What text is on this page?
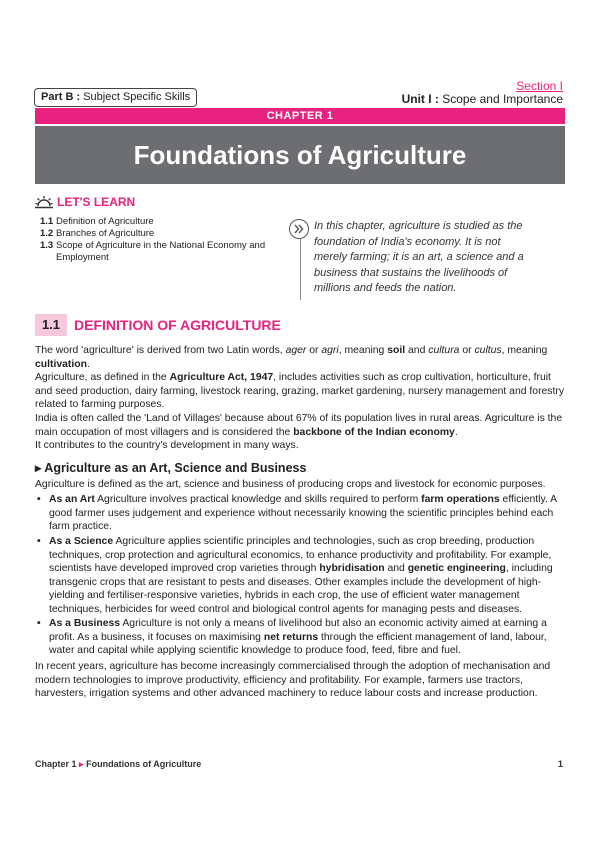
Part B : Subject Specific Skills
Section I
Unit I : Scope and Importance
CHAPTER 1
Foundations of Agriculture
LET'S LEARN
1.1 Definition of Agriculture
1.2 Branches of Agriculture
1.3 Scope of Agriculture in the National Economy and Employment
In this chapter, agriculture is studied as the foundation of India's economy. It is not merely farming; it is an art, a science and a business that sustains the livelihoods of millions and feeds the nation.
1.1 DEFINITION OF AGRICULTURE
The word 'agriculture' is derived from two Latin words, ager or agri, meaning soil and cultura or cultus, meaning cultivation.
Agriculture, as defined in the Agriculture Act, 1947, includes activities such as crop cultivation, horticulture, fruit and seed production, dairy farming, livestock rearing, grazing, market gardening, nursery management and forestry related to farming purposes.
India is often called the 'Land of Villages' because about 67% of its population lives in rural areas. Agriculture is the main occupation of most villagers and is considered the backbone of the Indian economy.
It contributes to the country's development in many ways.
▸ Agriculture as an Art, Science and Business
Agriculture is defined as the art, science and business of producing crops and livestock for economic purposes.
• As an Art Agriculture involves practical knowledge and skills required to perform farm operations efficiently. A good farmer uses judgement and experience without necessarily knowing the scientific principles behind each farm practice.
• As a Science Agriculture applies scientific principles and technologies, such as crop breeding, production techniques, crop protection and agricultural economics, to enhance productivity and profitability. For example, scientists have developed improved crop varieties through hybridisation and genetic engineering, including transgenic crops that are resistant to pests and diseases. Other examples include the development of high-yielding and fertiliser-responsive varieties, hybrids in each crop, the use of efficient water management techniques, herbicides for weed control and biological control agents for managing pests and diseases.
• As a Business Agriculture is not only a means of livelihood but also an economic activity aimed at earning a profit. As a business, it focuses on maximising net returns through the efficient management of land, labour, water and capital while applying scientific knowledge to produce food, feed, fibre and fuel.
In recent years, agriculture has become increasingly commercialised through the adoption of mechanisation and modern technologies to improve productivity, efficiency and profitability. For example, farmers use tractors, harvesters, irrigation systems and other advanced machinery to reduce labour costs and increase production.
Chapter 1 ▸ Foundations of Agriculture	1
